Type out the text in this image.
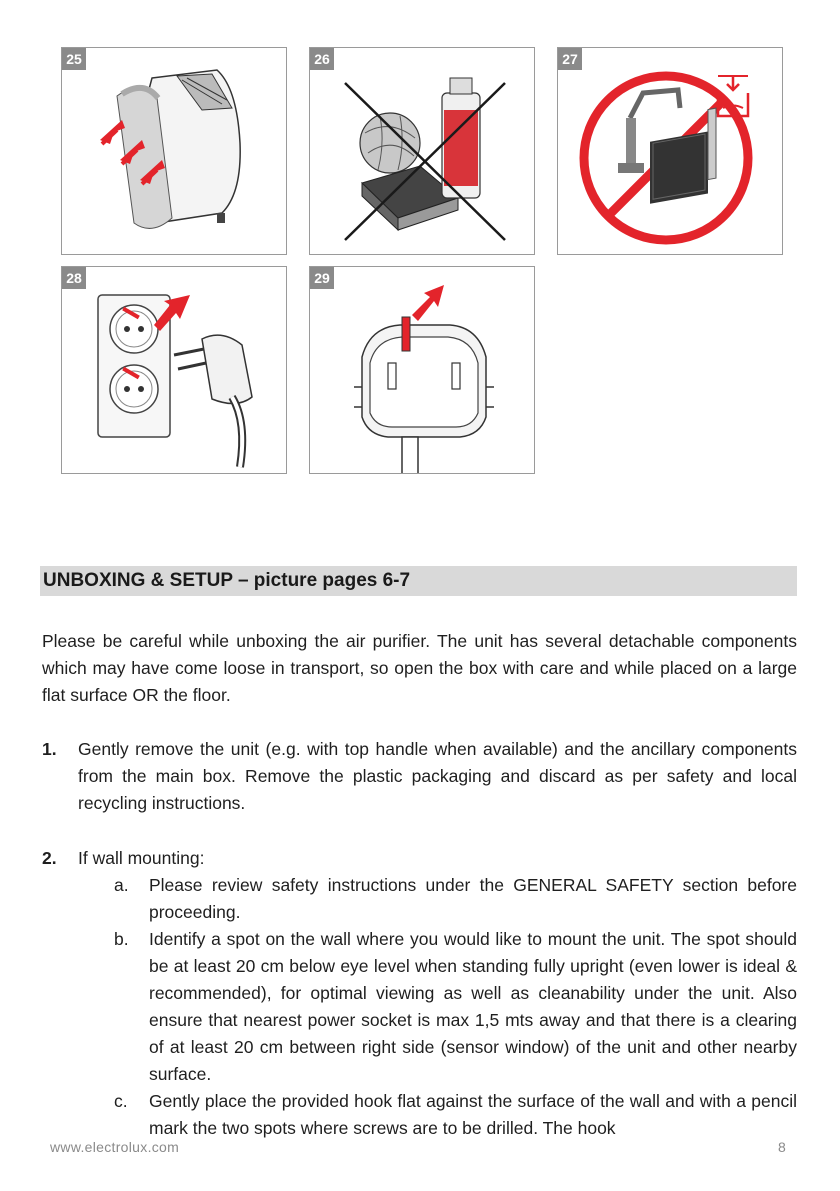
25	26	27
28	29
UNBOXING & SETUP – picture pages 6-7
Please be careful while unboxing the air purifier. The unit has several detachable components which may have come loose in transport, so open the box with care and while placed on a large flat surface OR the floor.
1. Gently remove the unit (e.g. with top handle when available) and the ancillary components from the main box. Remove the plastic packaging and discard as per safety and local recycling instructions.
2. If wall mounting:
a. Please review safety instructions under the GENERAL SAFETY section before proceeding.
b. Identify a spot on the wall where you would like to mount the unit. The spot should be at least 20 cm below eye level when standing fully upright (even lower is ideal & recommended), for optimal viewing as well as cleanability under the unit. Also ensure that nearest power socket is max 1,5 mts away and that there is a clearing of at least 20 cm between right side (sensor window) of the unit and other nearby surface.
c. Gently place the provided hook flat against the surface of the wall and with a pencil mark the two spots where screws are to be drilled. The hook
www.electrolux.com	8
